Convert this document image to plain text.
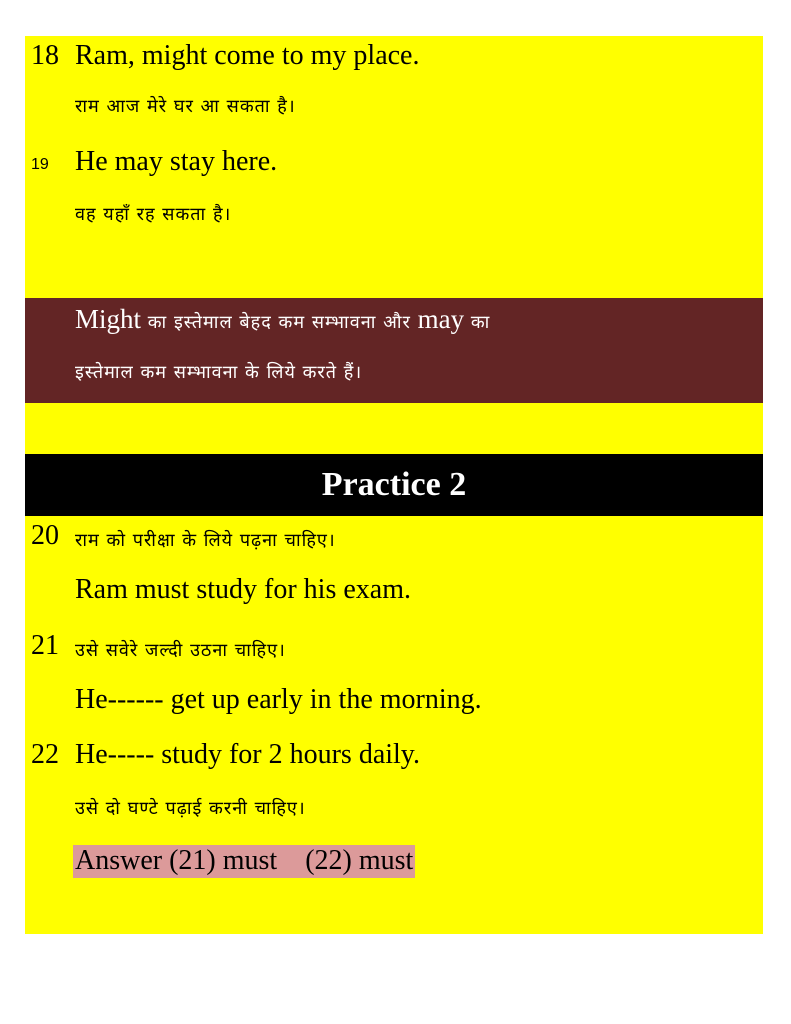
18 Ram, might come to my place.
राम आज मेरे घर आ सकता है।
19 He may stay here.
वह यहाँ रह सकता है।
Might का इस्तेमाल बेहद कम सम्भावना और may का
इस्तेमाल कम सम्भावना के लिये करते हैं।
Practice 2
20 राम को परीक्षा के लिये पढ़ना चाहिए।
Ram must study for his exam.
21 उसे सवेरे जल्दी उठना चाहिए।
He------ get up early in the morning.
22 He----- study for 2 hours daily.
उसे दो घण्टे पढ़ाई करनी चाहिए।
Answer (21) must    (22) must
